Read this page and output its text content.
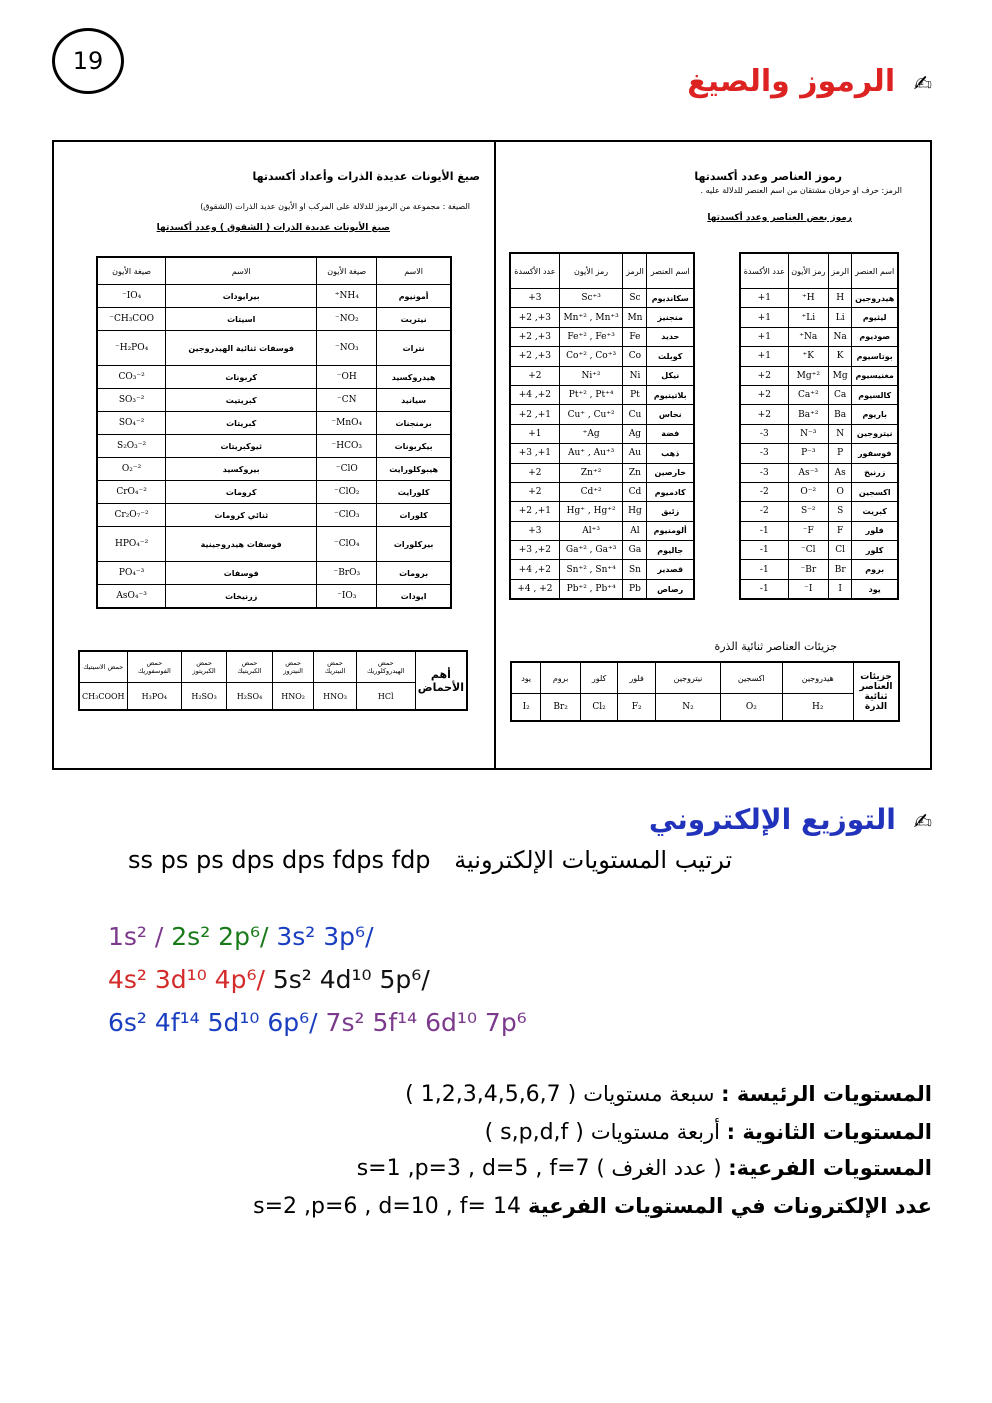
19
✍ الرموز والصيغ
صيغ الأيونات عديدة الذرات وأعداد أكسدتها
الصيغة : مجموعة من الرموز للدلالة على المركب او الأيون عديد الذرات (الشقوق)
صيغ الأيونات عديدة الذرات ( الشقوق ) وعدد أكسدتها
الاسم	صيغة الأيون	الاسم	صيغة الأيون
أمونيوم	NH₄⁺	بيرايودات	IO₄⁻
نيتريت	NO₂⁻	اسيتات	CH₃COO⁻
نترات	NO₃⁻	فوسفات ثنائية الهيدروجين	H₂PO₄⁻
هيدروكسيد	OH⁻	كربونات	CO₃⁻²
سيانيد	CN⁻	كبريتيت	SO₃⁻²
برمنجنات	MnO₄⁻	كبريتات	SO₄⁻²
بيكربونات	HCO₃⁻	ثيوكبريتات	S₂O₃⁻²
هيبوكلورايت	ClO⁻	بيروكسيد	O₂⁻²
كلورايت	ClO₂⁻	كرومات	CrO₄⁻²
كلورات	ClO₃⁻	ثنائي كرومات	Cr₂O₇⁻²
بيركلورات	ClO₄⁻	فوسفات هيدروجينية	HPO₄⁻²
برومات	BrO₃⁻	فوسفات	PO₄⁻³
ايودات	IO₃⁻	زرنيخات	AsO₄⁻³
أهم الأحماض	حمض الهيدروكلوريك	حمض النيتريك	حمض النيتروز	حمض الكبريتيك	حمض الكبريتوز	حمض الفوسفوريك	حمض الاسيتيك
	HCl	HNO₃	HNO₂	H₂SO₄	H₂SO₃	H₃PO₄	CH₃COOH
رموز العناصر وعدد أكسدتها
الرمز: حرف او حرفان مشتقان من اسم العنصر للدلالة عليه .
رموز بعض العناصر وعدد أكسدتها
اسم العنصر	الرمز	رمز الأيون	عدد الأكسدة
هيدروجين	H	H⁺	1+
ليثيوم	Li	Li⁺	1+
صوديوم	Na	Na⁺	1+
بوتاسيوم	K	K⁺	1+
مغنيسيوم	Mg	Mg⁺²	2+
كالسيوم	Ca	Ca⁺²	2+
باريوم	Ba	Ba⁺²	2+
نيتروجين	N	N⁻³	3-
فوسفور	P	P⁻³	3-
زرنيخ	As	As⁻³	3-
اكسجين	O	O⁻²	2-
كبريت	S	S⁻²	2-
فلور	F	F⁻	1-
كلور	Cl	Cl⁻	1-
بروم	Br	Br⁻	1-
يود	I	I⁻	1-
اسم العنصر	الرمز	رمز الأيون	عدد الأكسدة
سكانديوم	Sc	Sc⁺³	3+
منجنيز	Mn	Mn⁺² , Mn⁺³	3+, 2+
حديد	Fe	Fe⁺² , Fe⁺³	3+, 2+
كوبلت	Co	Co⁺² , Co⁺³	3+, 2+
نيكل	Ni	Ni⁺²	2+
بلاتينيوم	Pt	Pt⁺² , Pt⁺⁴	2+, 4+
نحاس	Cu	Cu⁺ , Cu⁺²	1+, 2+
فضة	Ag	Ag⁺	1+
ذهب	Au	Au⁺ , Au⁺³	1+, 3+
خارصين	Zn	Zn⁺²	2+
كادميوم	Cd	Cd⁺²	2+
زئبق	Hg	Hg⁺ , Hg⁺²	1+, 2+
ألومنيوم	Al	Al⁺³	3+
جاليوم	Ga	Ga⁺² , Ga⁺³	2+, 3+
قصدير	Sn	Sn⁺² , Sn⁺⁴	2+, 4+
رصاص	Pb	Pb⁺² , Pb⁺⁴	2+ , 4+
جزيئات العناصر ثنائية الذرة
جزيئات العناصر ثنائية الذرة	هيدروجين	اكسجين	نيتروجين	فلور	كلور	بروم	يود
	H₂	O₂	N₂	F₂	Cl₂	Br₂	I₂
✍ التوزيع الإلكتروني
ss ps ps dps dps fdps fdp ترتيب المستويات الإلكترونية
1s² / 2s² 2p⁶/ 3s² 3p⁶/
4s² 3d¹⁰ 4p⁶/ 5s² 4d¹⁰ 5p⁶/
6s² 4f¹⁴ 5d¹⁰ 6p⁶/ 7s² 5f¹⁴ 6d¹⁰ 7p⁶
المستويات الرئيسة : سبعة مستويات ( 1,2,3,4,5,6,7 )
المستويات الثانوية : أربعة مستويات ( s,p,d,f )
المستويات الفرعية: ( عدد الغرف ) s=1 ,p=3 , d=5 , f=7
عدد الإلكترونات في المستويات الفرعية 14 =s=2 ,p=6 , d=10 , f
